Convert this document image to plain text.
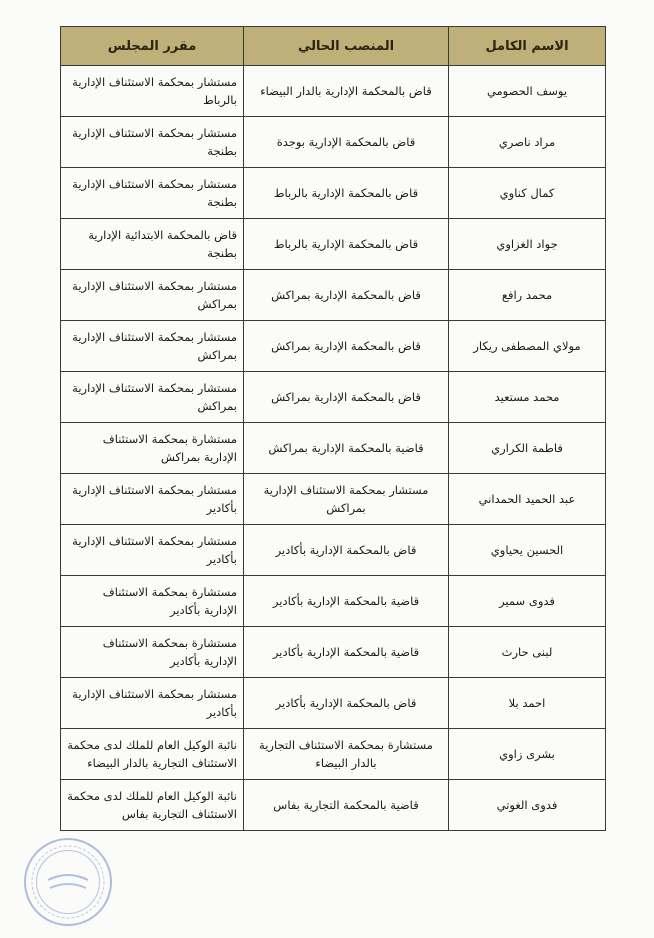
الاسم الكامل	المنصب الحالي	مقرر المجلس
يوسف الحصومي	قاض بالمحكمة الإدارية بالدار البيضاء	مستشار بمحكمة الاستئناف الإدارية بالرباط
مراد ناصري	قاض بالمحكمة الإدارية بوجدة	مستشار بمحكمة الاستئناف الإدارية بطنجة
كمال كناوي	قاض بالمحكمة الإدارية بالرباط	مستشار بمحكمة الاستئناف الإدارية بطنجة
جواد الغزاوي	قاض بالمحكمة الإدارية بالرباط	قاض بالمحكمة الابتدائية الإدارية بطنجة
محمد رافع	قاض بالمحكمة الإدارية بمراكش	مستشار بمحكمة الاستئناف الإدارية بمراكش
مولاي المصطفى ريكار	قاض بالمحكمة الإدارية بمراكش	مستشار بمحكمة الاستئناف الإدارية بمراكش
محمد مستعيد	قاض بالمحكمة الإدارية بمراكش	مستشار بمحكمة الاستئناف الإدارية بمراكش
فاطمة الكراري	قاضية بالمحكمة الإدارية بمراكش	مستشارة بمحكمة الاستئناف الإدارية بمراكش
عبد الحميد الحمداني	مستشار بمحكمة الاستئناف الإدارية بمراكش	مستشار بمحكمة الاستئناف الإدارية بأكادير
الحسين يحياوي	قاض بالمحكمة الإدارية بأكادير	مستشار بمحكمة الاستئناف الإدارية بأكادير
فدوى سمير	قاضية بالمحكمة الإدارية بأكادير	مستشارة بمحكمة الاستئناف الإدارية بأكادير
لبنى حارث	قاضية بالمحكمة الإدارية بأكادير	مستشارة بمحكمة الاستئناف الإدارية بأكادير
احمد بلا	قاض بالمحكمة الإدارية بأكادير	مستشار بمحكمة الاستئناف الإدارية بأكادير
بشرى زاوي	مستشارة بمحكمة الاستئناف التجارية بالدار البيضاء	نائبة الوكيل العام للملك لدى محكمة الاستئناف التجارية بالدار البيضاء
فدوى الغوتي	قاضية بالمحكمة التجارية بفاس	نائبة الوكيل العام للملك لدى محكمة الاستئناف التجارية بفاس
